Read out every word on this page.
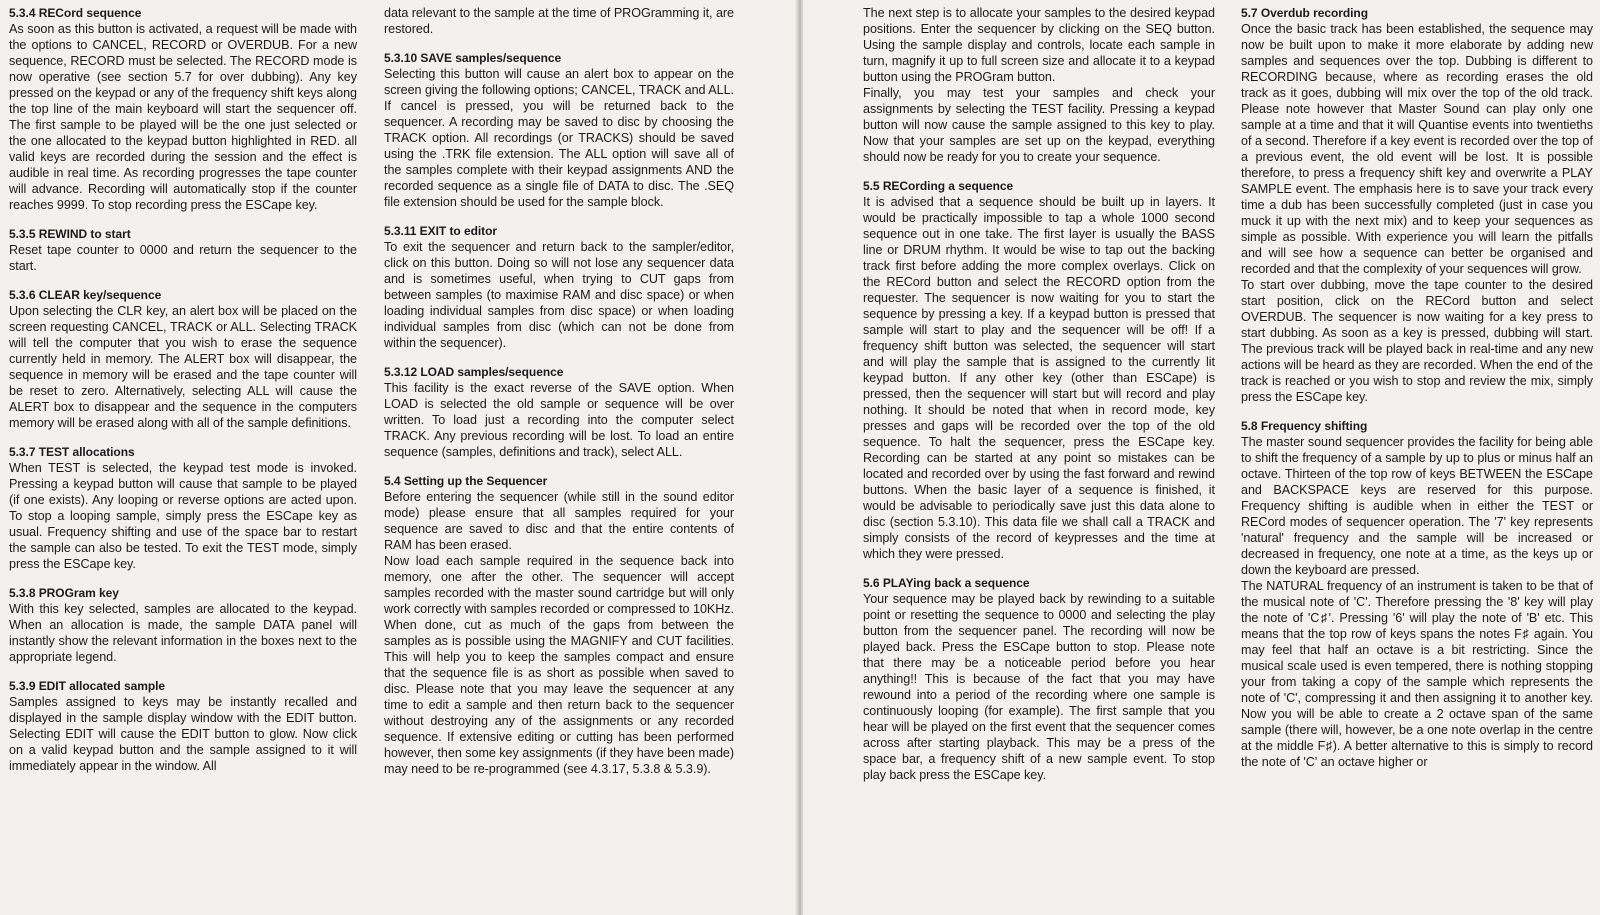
5.3.4 RECord sequence

As soon as this button is activated, a request will be made with the options to CANCEL, RECORD or OVERDUB. For a new sequence, RECORD must be selected. The RECORD mode is now operative (see section 5.7 for over dubbing). Any key pressed on the keypad or any of the frequency shift keys along the top line of the main keyboard will start the sequencer off. The first sample to be played will be the one just selected or the one allocated to the keypad button highlighted in RED. all valid keys are recorded during the session and the effect is audible in real time. As recording progresses the tape counter will advance. Recording will automatically stop if the counter reaches 9999. To stop recording press the ESCape key.

5.3.5 REWIND to start

Reset tape counter to 0000 and return the sequencer to the start.

5.3.6 CLEAR key/sequence

Upon selecting the CLR key, an alert box will be placed on the screen requesting CANCEL, TRACK or ALL. Selecting TRACK will tell the computer that you wish to erase the sequence currently held in memory. The ALERT box will disappear, the sequence in memory will be erased and the tape counter will be reset to zero. Alternatively, selecting ALL will cause the ALERT box to disappear and the sequence in the computers memory will be erased along with all of the sample definitions.

5.3.7 TEST allocations

When TEST is selected, the keypad test mode is invoked. Pressing a keypad button will cause that sample to be played (if one exists). Any looping or reverse options are acted upon. To stop a looping sample, simply press the ESCape key as usual. Frequency shifting and use of the space bar to restart the sample can also be tested. To exit the TEST mode, simply press the ESCape key.

5.3.8 PROGram key

With this key selected, samples are allocated to the keypad. When an allocation is made, the sample DATA panel will instantly show the relevant information in the boxes next to the appropriate legend.

5.3.9 EDIT allocated sample

Samples assigned to keys may be instantly recalled and displayed in the sample display window with the EDIT button. Selecting EDIT will cause the EDIT button to glow. Now click on a valid keypad button and the sample assigned to it will immediately appear in the window. All

data relevant to the sample at the time of PROGramming it, are restored.

5.3.10 SAVE samples/sequence

Selecting this button will cause an alert box to appear on the screen giving the following options; CANCEL, TRACK and ALL. If cancel is pressed, you will be returned back to the sequencer. A recording may be saved to disc by choosing the TRACK option. All recordings (or TRACKS) should be saved using the .TRK file extension. The ALL option will save all of the samples complete with their keypad assignments AND the recorded sequence as a single file of DATA to disc. The .SEQ file extension should be used for the sample block.

5.3.11 EXIT to editor

To exit the sequencer and return back to the sampler/editor, click on this button. Doing so will not lose any sequencer data and is sometimes useful, when trying to CUT gaps from between samples (to maximise RAM and disc space) or when loading individual samples from disc space) or when loading individual samples from disc (which can not be done from within the sequencer).

5.3.12 LOAD samples/sequence

This facility is the exact reverse of the SAVE option. When LOAD is selected the old sample or sequence will be over written. To load just a recording into the computer select TRACK. Any previous recording will be lost. To load an entire sequence (samples, definitions and track), select ALL.

5.4 Setting up the Sequencer

Before entering the sequencer (while still in the sound editor mode) please ensure that all samples required for your sequence are saved to disc and that the entire contents of RAM has been erased.

Now load each sample required in the sequence back into memory, one after the other. The sequencer will accept samples recorded with the master sound cartridge but will only work correctly with samples recorded or compressed to 10KHz. When done, cut as much of the gaps from between the samples as is possible using the MAGNIFY and CUT facilities. This will help you to keep the samples compact and ensure that the sequence file is as short as possible when saved to disc. Please note that you may leave the sequencer at any time to edit a sample and then return back to the sequencer without destroying any of the assignments or any recorded sequence. If extensive editing or cutting has been performed however, then some key assignments (if they have been made) may need to be re-programmed (see 4.3.17, 5.3.8 & 5.3.9).

The next step is to allocate your samples to the desired keypad positions. Enter the sequencer by clicking on the SEQ button. Using the sample display and controls, locate each sample in turn, magnify it up to full screen size and allocate it to a keypad button using the PROGram button.

Finally, you may test your samples and check your assignments by selecting the TEST facility. Pressing a keypad button will now cause the sample assigned to this key to play. Now that your samples are set up on the keypad, everything should now be ready for you to create your sequence.

5.5 RECording a sequence

It is advised that a sequence should be built up in layers. It would be practically impossible to tap a whole 1000 second sequence out in one take. The first layer is usually the BASS line or DRUM rhythm. It would be wise to tap out the backing track first before adding the more complex overlays. Click on the RECord button and select the RECORD option from the requester. The sequencer is now waiting for you to start the sequence by pressing a key. If a keypad button is pressed that sample will start to play and the sequencer will be off! If a frequency shift button was selected, the sequencer will start and will play the sample that is assigned to the currently lit keypad button. If any other key (other than ESCape) is pressed, then the sequencer will start but will record and play nothing. It should be noted that when in record mode, key presses and gaps will be recorded over the top of the old sequence. To halt the sequencer, press the ESCape key. Recording can be started at any point so mistakes can be located and recorded over by using the fast forward and rewind buttons. When the basic layer of a sequence is finished, it would be advisable to periodically save just this data alone to disc (section 5.3.10). This data file we shall call a TRACK and simply consists of the record of keypresses and the time at which they were pressed.

5.6 PLAYing back a sequence

Your sequence may be played back by rewinding to a suitable point or resetting the sequence to 0000 and selecting the play button from the sequencer panel. The recording will now be played back. Press the ESCape button to stop. Please note that there may be a noticeable period before you hear anything!! This is because of the fact that you may have rewound into a period of the recording where one sample is continuously looping (for example). The first sample that you hear will be played on the first event that the sequencer comes across after starting playback. This may be a press of the space bar, a frequency shift of a new sample event. To stop play back press the ESCape key.

5.7 Overdub recording

Once the basic track has been established, the sequence may now be built upon to make it more elaborate by adding new samples and sequences over the top. Dubbing is different to RECORDING because, where as recording erases the old track as it goes, dubbing will mix over the top of the old track. Please note however that Master Sound can play only one sample at a time and that it will Quantise events into twentieths of a second. Therefore if a key event is recorded over the top of a previous event, the old event will be lost. It is possible therefore, to press a frequency shift key and overwrite a PLAY SAMPLE event. The emphasis here is to save your track every time a dub has been successfully completed (just in case you muck it up with the next mix) and to keep your sequences as simple as possible. With experience you will learn the pitfalls and will see how a sequence can better be organised and recorded and that the complexity of your sequences will grow.

To start over dubbing, move the tape counter to the desired start position, click on the RECord button and select OVERDUB. The sequencer is now waiting for a key press to start dubbing. As soon as a key is pressed, dubbing will start. The previous track will be played back in real-time and any new actions will be heard as they are recorded. When the end of the track is reached or you wish to stop and review the mix, simply press the ESCape key.

5.8 Frequency shifting

The master sound sequencer provides the facility for being able to shift the frequency of a sample by up to plus or minus half an octave. Thirteen of the top row of keys BETWEEN the ESCape and BACKSPACE keys are reserved for this purpose. Frequency shifting is audible when in either the TEST or RECord modes of sequencer operation. The '7' key represents 'natural' frequency and the sample will be increased or decreased in frequency, one note at a time, as the keys up or down the keyboard are pressed.

The NATURAL frequency of an instrument is taken to be that of the musical note of 'C'. Therefore pressing the '8' key will play the note of 'C♯'. Pressing '6' will play the note of 'B' etc. This means that the top row of keys spans the notes F♯ again. You may feel that half an octave is a bit restricting. Since the musical scale used is even tempered, there is nothing stopping your from taking a copy of the sample which represents the note of 'C', compressing it and then assigning it to another key. Now you will be able to create a 2 octave span of the same sample (there will, however, be a one note overlap in the centre at the middle F♯). A better alternative to this is simply to record the note of 'C' an octave higher or
